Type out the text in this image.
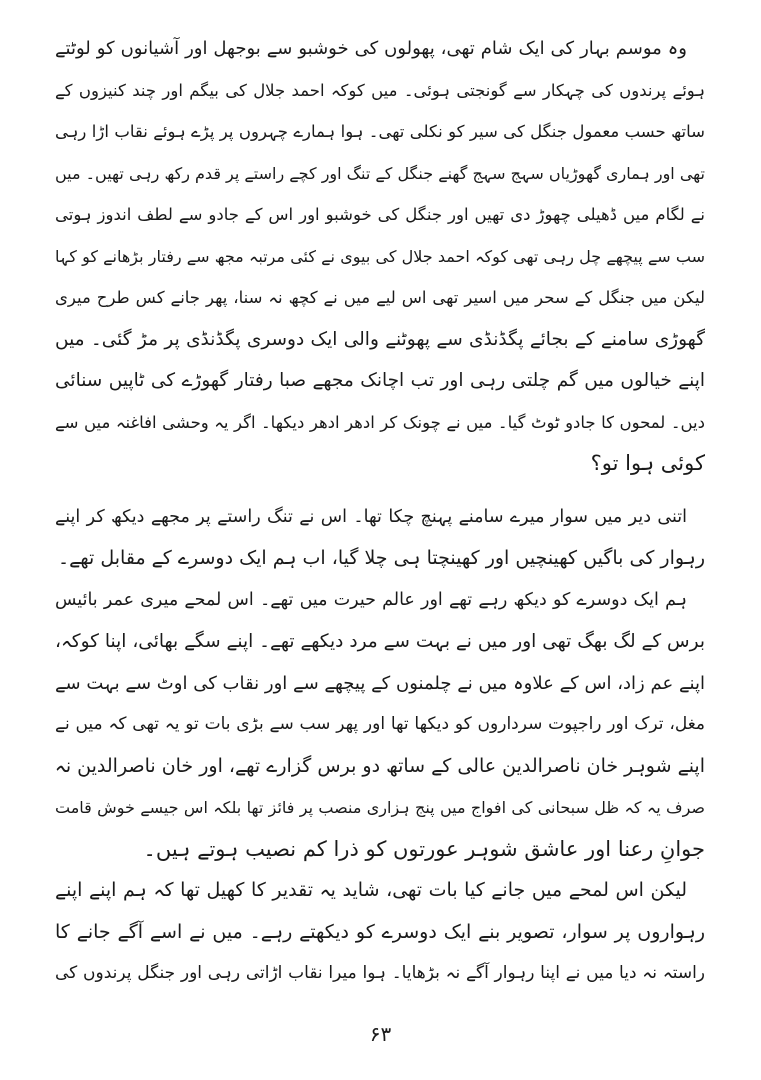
وہ موسم بہار کی ایک شام تھی، پھولوں کی خوشبو سے بوجھل اور آشیانوں کو لوٹتے
ہوئے پرندوں کی چہکار سے گونجتی ہوئی۔ میں کوکہ احمد جلال کی بیگم اور چند کنیزوں کے
ساتھ حسب معمول جنگل کی سیر کو نکلی تھی۔ ہوا ہمارے چہروں پر پڑے ہوئے نقاب اڑا رہی
تھی اور ہماری گھوڑیاں سہج سہج گھنے جنگل کے تنگ اور کچے راستے پر قدم رکھ رہی تھیں۔ میں
نے لگام میں ڈھیلی چھوڑ دی تھیں اور جنگل کی خوشبو اور اس کے جادو سے لطف اندوز ہوتی
سب سے پیچھے چل رہی تھی کوکہ احمد جلال کی بیوی نے کئی مرتبہ مجھ سے رفتار بڑھانے کو کہا
لیکن میں جنگل کے سحر میں اسیر تھی اس لیے میں نے کچھ نہ سنا، پھر جانے کس طرح میری
گھوڑی سامنے کے بجائے پگڈنڈی سے پھوٹنے والی ایک دوسری پگڈنڈی پر مڑ گئی۔ میں
اپنے خیالوں میں گم چلتی رہی اور تب اچانک مجھے صبا رفتار گھوڑے کی ٹاپیں سنائی
دیں۔ لمحوں کا جادو ٹوٹ گیا۔ میں نے چونک کر ادھر ادھر دیکھا۔ اگر یہ وحشی افاغنہ میں سے
کوئی ہوا تو؟
اتنی دیر میں سوار میرے سامنے پہنچ چکا تھا۔ اس نے تنگ راستے پر مجھے دیکھ کر اپنے
رہوار کی باگیں کھینچیں اور کھینچتا ہی چلا گیا، اب ہم ایک دوسرے کے مقابل تھے۔
ہم ایک دوسرے کو دیکھ رہے تھے اور عالم حیرت میں تھے۔ اس لمحے میری عمر بائیس
برس کے لگ بھگ تھی اور میں نے بہت سے مرد دیکھے تھے۔ اپنے سگے بھائی، اپنا کوکہ،
اپنے عم زاد، اس کے علاوہ میں نے چلمنوں کے پیچھے سے اور نقاب کی اوٹ سے بہت سے
مغل، ترک اور راجپوت سرداروں کو دیکھا تھا اور پھر سب سے بڑی بات تو یہ تھی کہ میں نے
اپنے شوہر خان ناصرالدین عالی کے ساتھ دو برس گزارے تھے، اور خان ناصرالدین نہ
صرف یہ کہ ظل سبحانی کی افواج میں پنج ہزاری منصب پر فائز تھا بلکہ اس جیسے خوش قامت
جوانِ رعنا اور عاشق شوہر عورتوں کو ذرا کم نصیب ہوتے ہیں۔
لیکن اس لمحے میں جانے کیا بات تھی، شاید یہ تقدیر کا کھیل تھا کہ ہم اپنے اپنے
رہواروں پر سوار، تصویر بنے ایک دوسرے کو دیکھتے رہے۔ میں نے اسے آگے جانے کا
راستہ نہ دیا میں نے اپنا رہوار آگے نہ بڑھایا۔ ہوا میرا نقاب اڑاتی رہی اور جنگل پرندوں کی
۶۳
